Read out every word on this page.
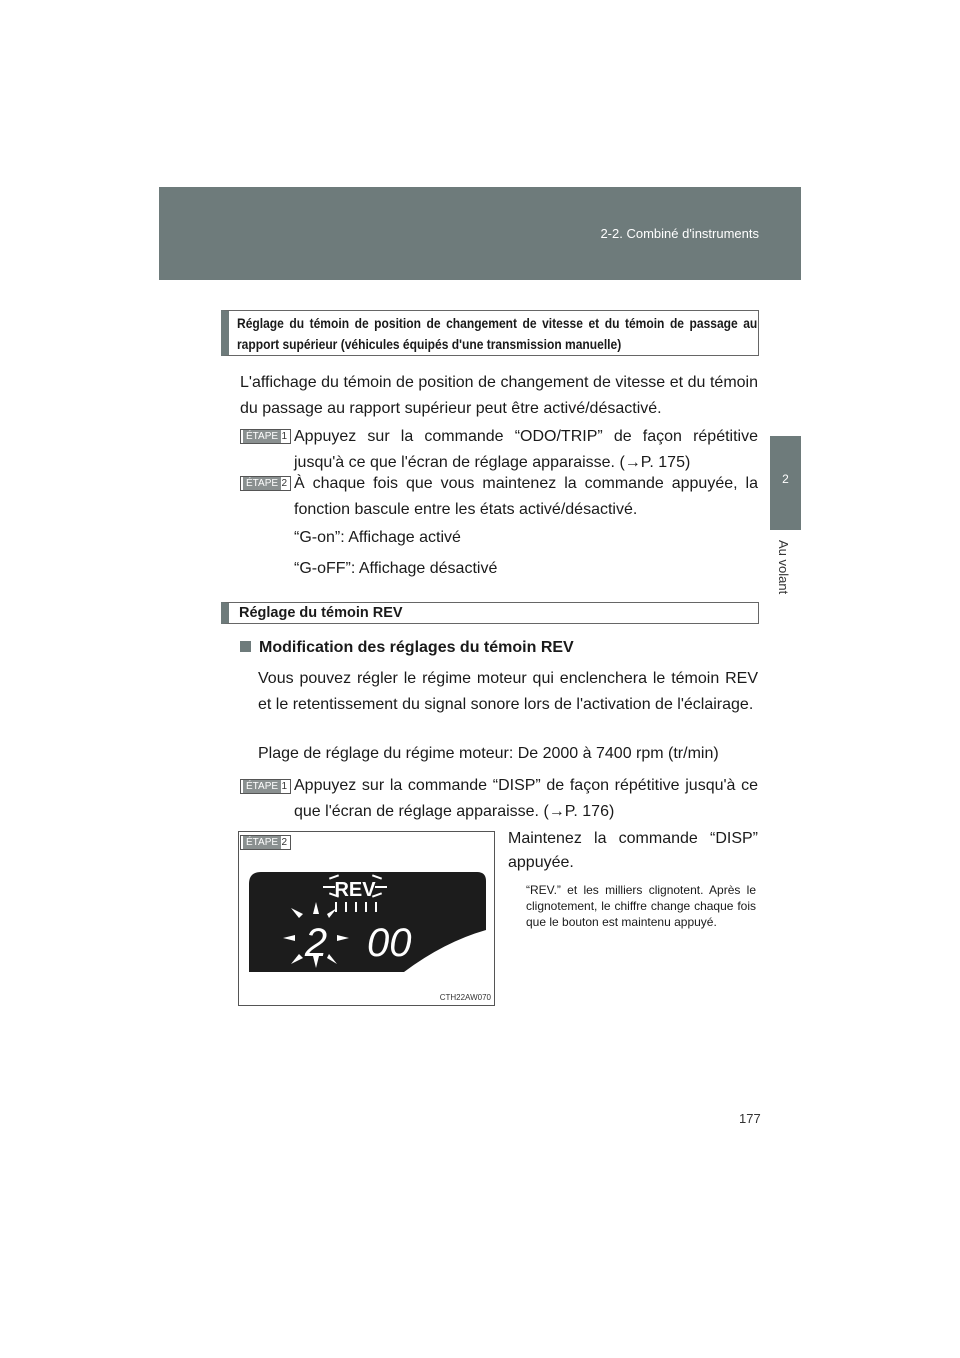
2-2. Combiné d'instruments
2
Au volant
Réglage du témoin de position de changement de vitesse et du témoin de passage au rapport supérieur (véhicules équipés d'une transmission manuelle)
L'affichage du témoin de position de changement de vitesse et du témoin du passage au rapport supérieur peut être activé/désactivé.
ÉTAPE 1 Appuyez sur la commande “ODO/TRIP” de façon répétitive jusqu'à ce que l'écran de réglage apparaisse. (→P. 175)
ÉTAPE 2 À chaque fois que vous maintenez la commande appuyée, la fonction bascule entre les états activé/désactivé.
“G-on”: Affichage activé
“G-oFF”: Affichage désactivé
Réglage du témoin REV
Modification des réglages du témoin REV
Vous pouvez régler le régime moteur qui enclenchera le témoin REV et le retentissement du signal sonore lors de l'activation de l'éclairage.
Plage de réglage du régime moteur: De 2000 à 7400 rpm (tr/min)
ÉTAPE 1 Appuyez sur la commande “DISP” de façon répétitive jusqu'à ce que l'écran de réglage apparaisse. (→P. 176)
REV
2 00
ÉTAPE 2
CTH22AW070
Maintenez la commande “DISP” appuyée.
“REV.” et les milliers clignotent. Après le clignotement, le chiffre change chaque fois que le bouton est maintenu appuyé.
177
